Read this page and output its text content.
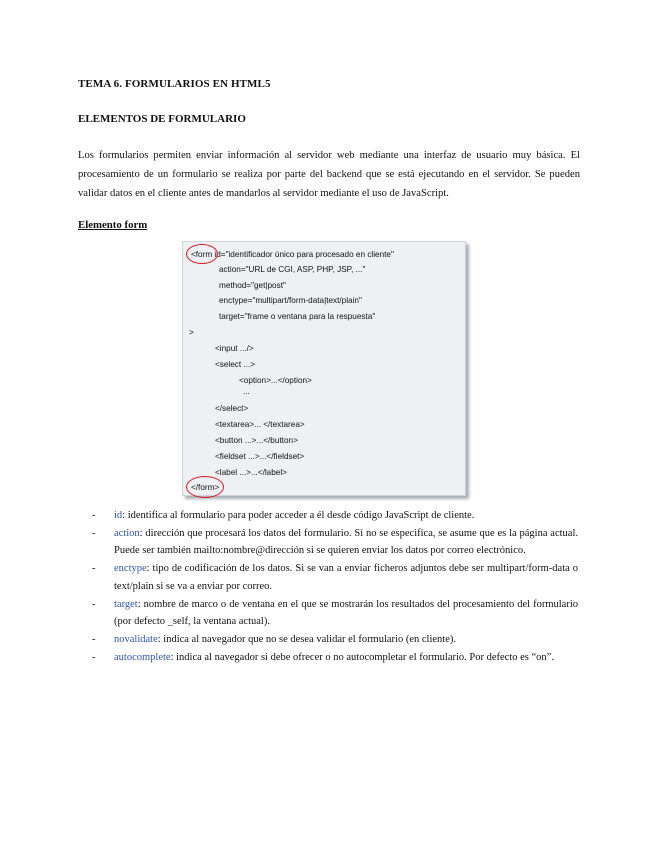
TEMA 6. FORMULARIOS EN HTML5
ELEMENTOS DE FORMULARIO

Los formularios permiten enviar información al servidor web mediante una interfaz de usuario muy básica. El procesamiento de un formulario se realiza por parte del backend que se está ejecutando en el servidor. Se pueden validar datos en el cliente antes de mandarlos al servidor mediante el uso de JavaScript.

Elemento form
<form id="identificador único para procesado en cliente"
action="URL de CGI, ASP, PHP, JSP, ..."
method="get|post"
enctype="multipart/form-data|text/plain"
target="frame o ventana para la respuesta"
>
<input .../>
<select ...>
<option>...</option>
...
</select>
<textarea>... </textarea>
<button ...>...</button>
<fieldset ...>...</fieldset>
<label ...>...</label>
</form>
- id: identifica al formulario para poder acceder a él desde código JavaScript de cliente.
- action: dirección que procesará los datos del formulario. Si no se especifica, se asume que es la página actual. Puede ser también mailto:nombre@dirección si se quieren enviar los datos por correo electrónico.
- enctype: tipo de codificación de los datos. Si se van a enviar ficheros adjuntos debe ser multipart/form-data o text/plain si se va a enviar por correo.
- target: nombre de marco o de ventana en el que se mostrarán los resultados del procesamiento del formulario (por defecto _self, la ventana actual).
- novalidate: indica al navegador que no se desea validar el formulario (en cliente).
- autocomplete: indica al navegador si debe ofrecer o no autocompletar el formulario. Por defecto es “on”.
